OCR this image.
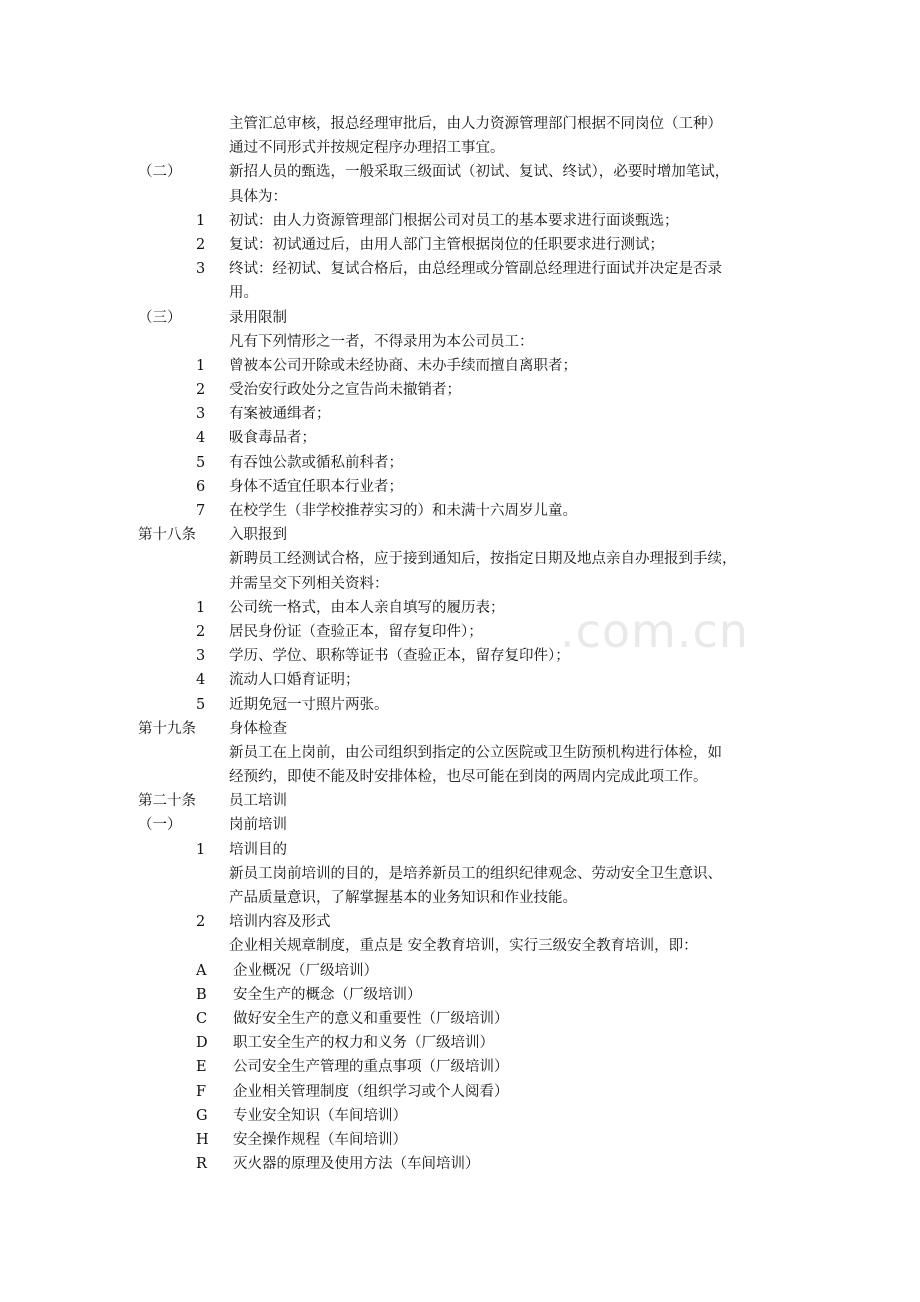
.com.cn
主管汇总审核，报总经理审批后，由人力资源管理部门根据不同岗位（工种）
通过不同形式并按规定程序办理招工事宜。
（二）	新招人员的甄选，一般采取三级面试（初试、复试、终试），必要时增加笔试，
具体为：
1 初试：由人力资源管理部门根据公司对员工的基本要求进行面谈甄选；
2 复试：初试通过后，由用人部门主管根据岗位的任职要求进行测试；
3 终试：经初试、复试合格后，由总经理或分管副总经理进行面试并决定是否录
用。
（三）	录用限制
凡有下列情形之一者，不得录用为本公司员工：
1 曾被本公司开除或未经协商、未办手续而擅自离职者；
2 受治安行政处分之宣告尚未撤销者；
3 有案被通缉者；
4 吸食毒品者；
5 有吞蚀公款或循私前科者；
6 身体不适宜任职本行业者；
7 在校学生（非学校推荐实习的）和未满十六周岁儿童。
第十八条 入职报到
新聘员工经测试合格，应于接到通知后，按指定日期及地点亲自办理报到手续，
并需呈交下列相关资料：
1 公司统一格式，由本人亲自填写的履历表；
2 居民身份证（查验正本，留存复印件）；
3 学历、学位、职称等证书（查验正本，留存复印件）；
4 流动人口婚育证明；
5 近期免冠一寸照片两张。
第十九条 身体检查
新员工在上岗前，由公司组织到指定的公立医院或卫生防预机构进行体检，如
经预约，即使不能及时安排体检，也尽可能在到岗的两周内完成此项工作。
第二十条 员工培训
（一）	岗前培训
1 培训目的
新员工岗前培训的目的，是培养新员工的组织纪律观念、劳动安全卫生意识、
产品质量意识，了解掌握基本的业务知识和作业技能。
2 培训内容及形式
企业相关规章制度，重点是 安全教育培训，实行三级安全教育培训，即：
A 企业概况（厂级培训）
B 安全生产的概念（厂级培训）
C 做好安全生产的意义和重要性（厂级培训）
D 职工安全生产的权力和义务（厂级培训）
E 公司安全生产管理的重点事项（厂级培训）
F 企业相关管理制度（组织学习或个人阅看）
G 专业安全知识（车间培训）
H 安全操作规程（车间培训）
R 灭火器的原理及使用方法（车间培训）
